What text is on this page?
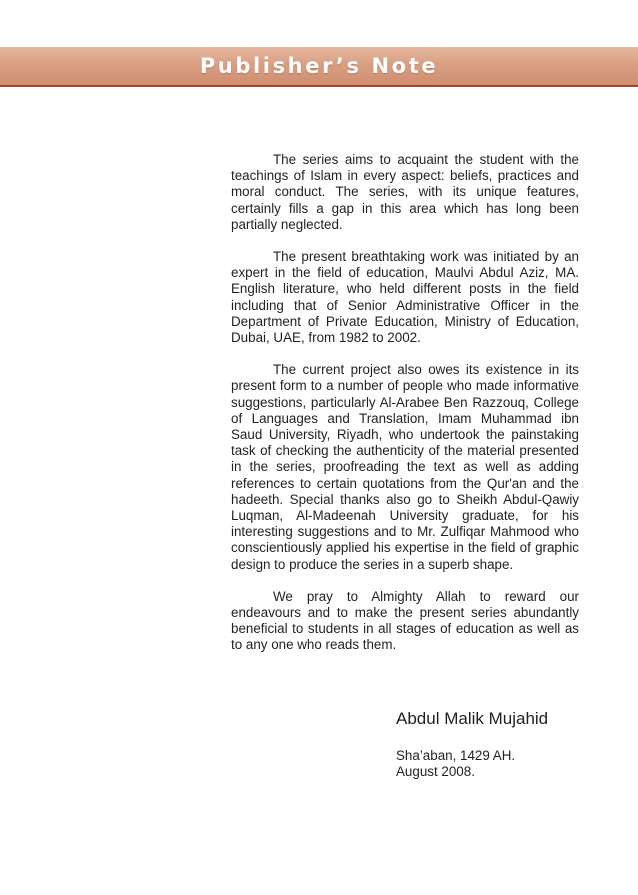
Publisher’s Note

The series aims to acquaint the student with the teachings of Islam in every aspect: beliefs, practices and moral conduct. The series, with its unique features, certainly fills a gap in this area which has long been partially neglected.

The present breathtaking work was initiated by an expert in the field of education, Maulvi Abdul Aziz, MA. English literature, who held different posts in the field including that of Senior Administrative Officer in the Department of Private Education, Ministry of Education, Dubai, UAE, from 1982 to 2002.

The current project also owes its existence in its present form to a number of people who made informative suggestions, particularly Al-Arabee Ben Razzouq, College of Languages and Translation, Imam Muhammad ibn Saud University, Riyadh, who undertook the painstaking task of checking the authenticity of the material presented in the series, proofreading the text as well as adding references to certain quotations from the Qur'an and the hadeeth. Special thanks also go to Sheikh Abdul-Qawiy Luqman, Al-Madeenah University graduate, for his interesting suggestions and to Mr. Zulfiqar Mahmood who conscientiously applied his expertise in the field of graphic design to produce the series in a superb shape.

We pray to Almighty Allah to reward our endeavours and to make the present series abundantly beneficial to students in all stages of education as well as to any one who reads them.

Abdul Malik Mujahid
Sha’aban, 1429 AH.
August 2008.
